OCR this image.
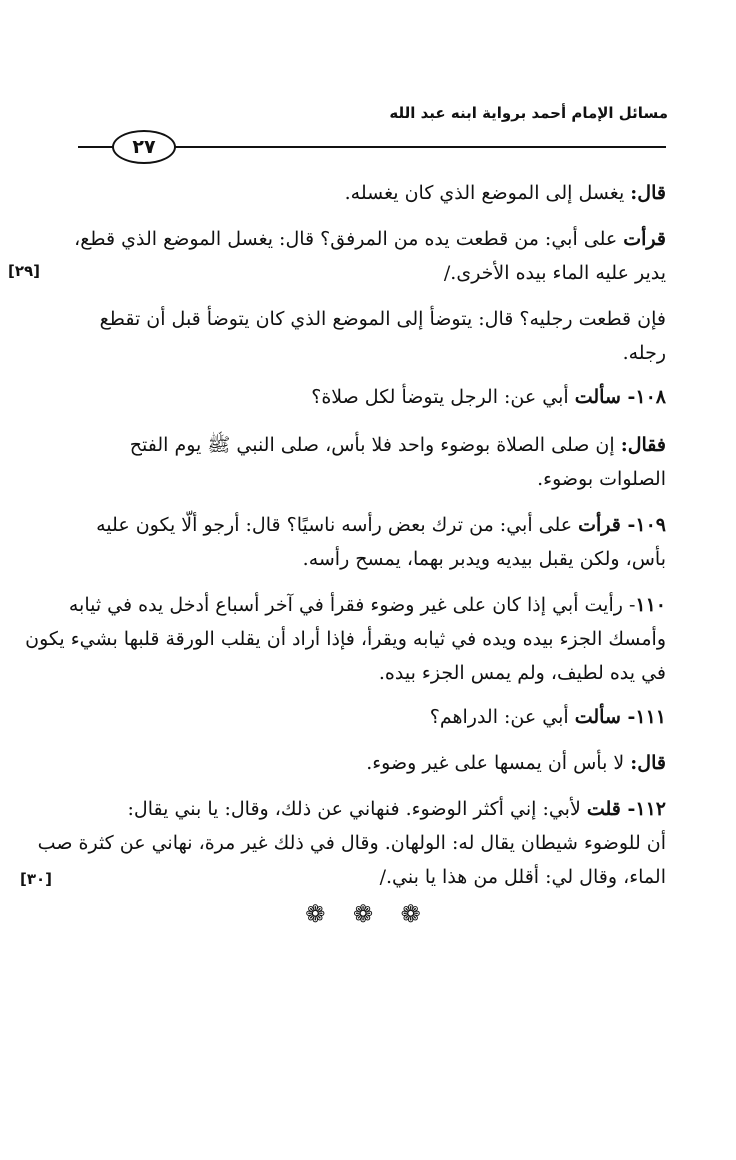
مسائل الإمام أحمد برواية ابنه عبد الله
٢٧
قال: يغسل إلى الموضع الذي كان يغسله.
قرأت على أبي: من قطعت يده من المرفق؟ قال: يغسل الموضع الذي قطع،
يدير عليه الماء بيده الأخرى./
فإن قطعت رجليه؟ قال: يتوضأ إلى الموضع الذي كان يتوضأ قبل أن تقطع
رجله.
١٠٨- سألت أبي عن: الرجل يتوضأ لكل صلاة؟
فقال: إن صلى الصلاة بوضوء واحد فلا بأس، صلى النبي ﷺ يوم الفتح
الصلوات بوضوء.
١٠٩- قرأت على أبي: من ترك بعض رأسه ناسيًا؟ قال: أرجو ألّا يكون عليه
بأس، ولكن يقبل بيديه ويدبر بهما، يمسح رأسه.
١١٠- رأيت أبي إذا كان على غير وضوء فقرأ في آخر أسباع أدخل يده في ثيابه
وأمسك الجزء بيده ويده في ثيابه ويقرأ، فإذا أراد أن يقلب الورقة قلبها بشيء يكون
في يده لطيف، ولم يمس الجزء بيده.
١١١- سألت أبي عن: الدراهم؟
قال: لا بأس أن يمسها على غير وضوء.
١١٢- قلت لأبي: إني أكثر الوضوء. فنهاني عن ذلك، وقال: يا بني يقال:
أن للوضوء شيطان يقال له: الولهان. وقال في ذلك غير مرة، نهاني عن كثرة صب
الماء، وقال لي: أقلل من هذا يا بني./
[٢٩]
[٣٠]
❁ ❁ ❁
